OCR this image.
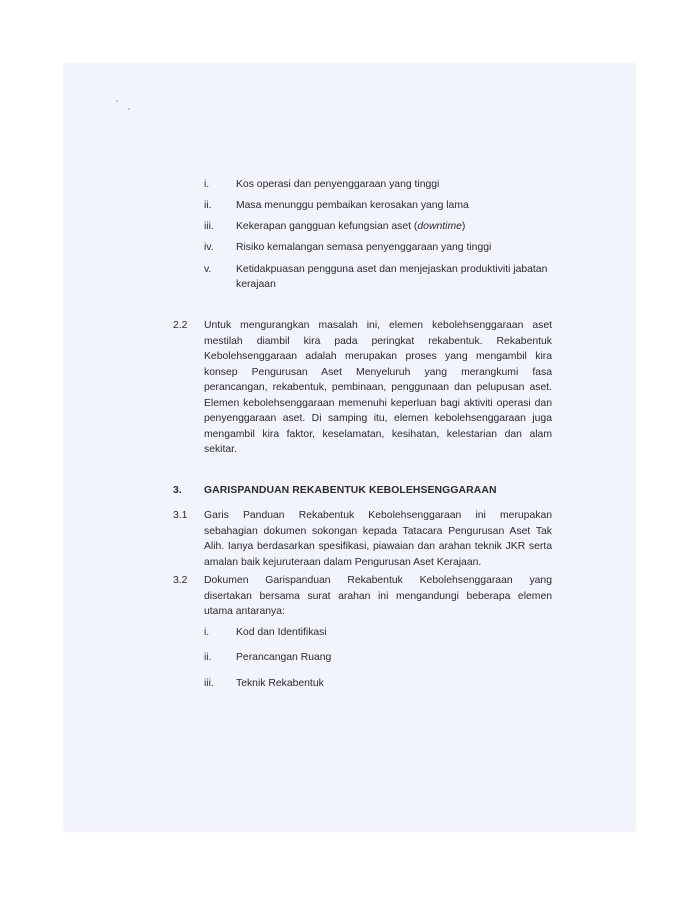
i.	Kos operasi dan penyenggaraan yang tinggi
ii. Masa menunggu pembaikan kerosakan yang lama
iii. Kekerapan gangguan kefungsian aset (downtime)
iv. Risiko kemalangan semasa penyenggaraan yang tinggi
v. Ketidakpuasan pengguna aset dan menjejaskan produktiviti jabatan
kerajaan
2.2 Untuk mengurangkan masalah ini, elemen kebolehsenggaraan aset
mestilah diambil kira pada peringkat rekabentuk. Rekabentuk
Kebolehsenggaraan adalah merupakan proses yang mengambil kira
konsep Pengurusan Aset Menyeluruh yang merangkumi fasa
perancangan, rekabentuk, pembinaan, penggunaan dan pelupusan aset.
Elemen kebolehsenggaraan memenuhi keperluan bagi aktiviti operasi dan
penyenggaraan aset. Di samping itu, elemen kebolehsenggaraan juga
mengambil kira faktor, keselamatan, kesihatan, kelestarian dan alam
sekitar.
3. GARISPANDUAN REKABENTUK KEBOLEHSENGGARAAN
3.1 Garis Panduan Rekabentuk Kebolehsenggaraan ini merupakan
sebahagian dokumen sokongan kepada Tatacara Pengurusan Aset Tak
Alih. Ianya berdasarkan spesifikasi, piawaian dan arahan teknik JKR serta
amalan baik kejuruteraan dalam Pengurusan Aset Kerajaan.
3.2 Dokumen Garispanduan Rekabentuk Kebolehsenggaraan yang
disertakan bersama surat arahan ini mengandungi beberapa elemen
utama antaranya:
i.	Kod dan Identifikasi
ii. Perancangan Ruang
iii. Teknik Rekabentuk
